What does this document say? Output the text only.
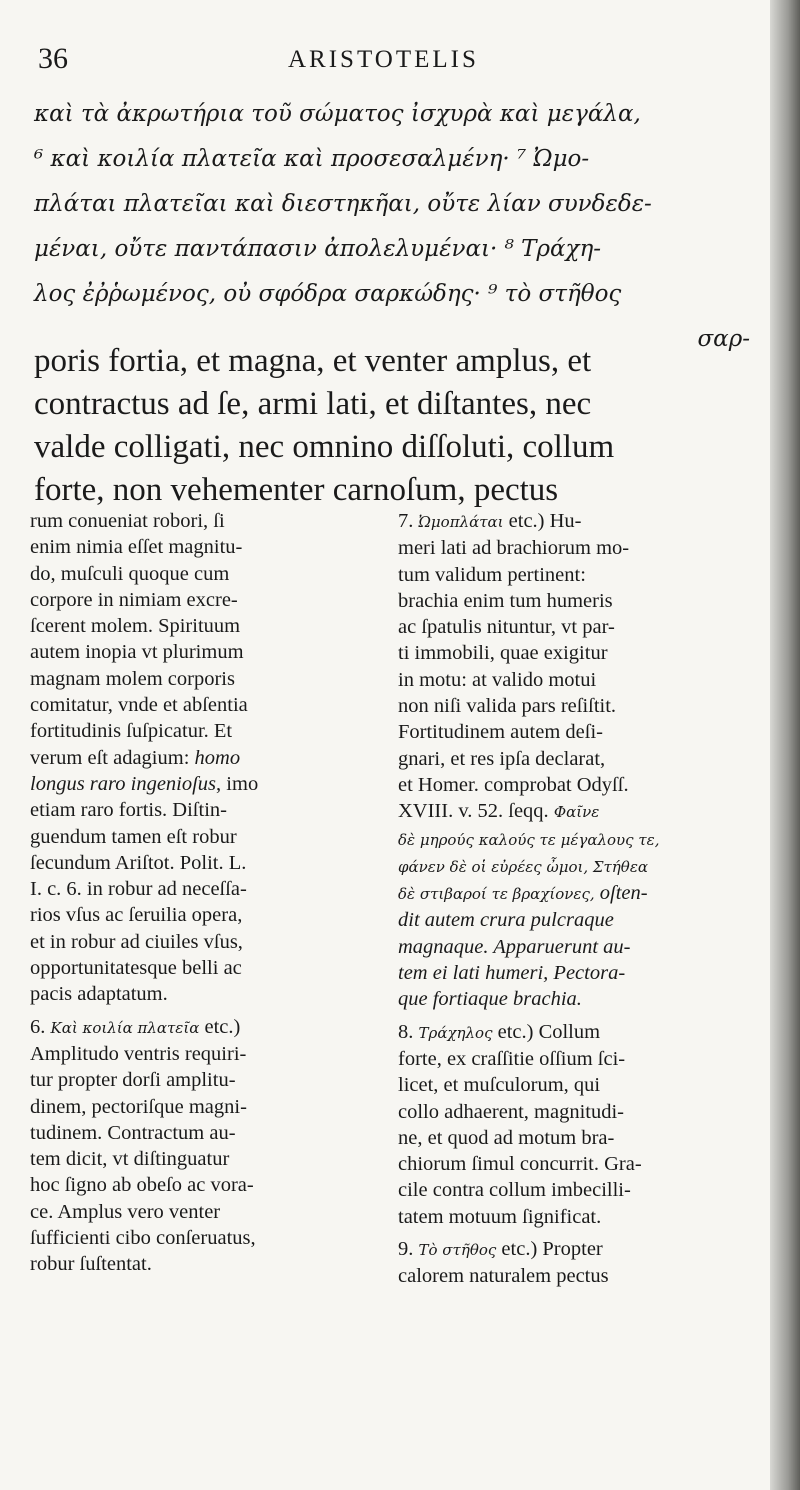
36	ARISTOTELIS
καὶ τὰ ἀκρωτήρια τοῦ σώματος ἰσχυρὰ καὶ μεγάλα,
⁶ καὶ κοιλία πλατεῖα καὶ προσεσαλμένη· ⁷ Ὠμο-
πλάται πλατεῖαι καὶ διεστηκῆαι, οὔτε λίαν συνδεδε-
μέναι, οὔτε παντάπασιν ἀπολελυμέναι· ⁸ Τράχη-
λος ἐῤῥωμένος, οὐ σφόδρα σαρκώδης· ⁹ τὸ στῆθος
σαρ-
poris fortia, et magna, et venter amplus, et
contractus ad ſe, armi lati, et diſtantes, nec
valde colligati, nec omnino diſſoluti, collum
forte, non vehementer carnoſum, pectus
rum conueniat robori, ſi
enim nimia eſſet magnitu-
do, muſculi quoque cum
corpore in nimiam excre-
ſcerent molem. Spirituum
autem inopia vt plurimum
magnam molem corporis
comitatur, vnde et abſentia
fortitudinis ſuſpicatur. Et
verum eſt adagium: homo
longus raro ingenioſus, imo
etiam raro fortis. Diſtin-
guendum tamen eſt robur
ſecundum Ariſtot. Polit. L.
I. c. 6. in robur ad neceſſa-
rios vſus ac ſeruilia opera,
et in robur ad ciuiles vſus,
opportunitatesque belli ac
pacis adaptatum.
6. Καὶ κοιλία πλατεῖα etc.)
Amplitudo ventris requiri-
tur propter dorſi amplitu-
dinem, pectoriſque magni-
tudinem. Contractum au-
tem dicit, vt diſtinguatur
hoc ſigno ab obeſo ac vora-
ce. Amplus vero venter
ſufficienti cibo conſeruatus,
robur ſuſtentat.
7. Ὠμοπλάται etc.) Hu-
meri lati ad brachiorum mo-
tum validum pertinent:
brachia enim tum humeris
ac ſpatulis nituntur, vt par-
ti immobili, quae exigitur
in motu: at valido motui
non niſi valida pars reſiſtit.
Fortitudinem autem deſi-
gnari, et res ipſa declarat,
et Homer. comprobat Odyſſ.
XVIII. v. 52. ſeqq. Φαῖνε
δὲ μηρούς καλούς τε μέγαλους τε,
φάνεν δὲ οἱ εὐρέες ὦμοι, Στήθεα
δὲ στιβαροί τε βραχίονες, oſten-
dit autem crura pulcraque
magnaque. Apparuerunt au-
tem ei lati humeri, Pectora-
que fortiaque brachia.
8. Τράχηλος etc.) Collum
forte, ex craſſitie oſſium ſci-
licet, et muſculorum, qui
collo adhaerent, magnitudi-
ne, et quod ad motum bra-
chiorum ſimul concurrit. Gra-
cile contra collum imbecilli-
tatem motuum ſignificat.
9. Τὸ στῆθος etc.) Propter
calorem naturalem pectus
